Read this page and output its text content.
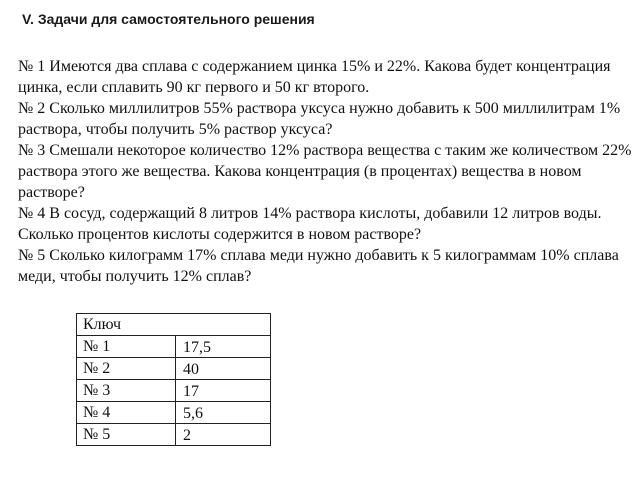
V. Задачи для самостоятельного решения

№ 1 Имеются два сплава с содержанием цинка 15% и 22%. Какова будет концентрация цинка, если сплавить 90 кг первого и 50 кг второго.

№ 2 Сколько миллилитров 55% раствора уксуса нужно добавить к 500 миллилитрам 1% раствора, чтобы получить 5% раствор уксуса?

№ 3 Смешали некоторое количество 12% раствора вещества с таким же количеством 22% раствора этого же вещества. Какова концентрация (в процентах) вещества в новом растворе?

№ 4 В сосуд, содержащий 8 литров 14% раствора кислоты, добавили 12 литров воды. Сколько процентов кислоты содержится в новом растворе?

№ 5 Сколько килограмм 17% сплава меди нужно добавить к 5 килограммам 10% сплава меди, чтобы получить 12% сплав?

Ключ	
№ 1	17,5
№ 2	40
№ 3	17
№ 4	5,6
№ 5	2
